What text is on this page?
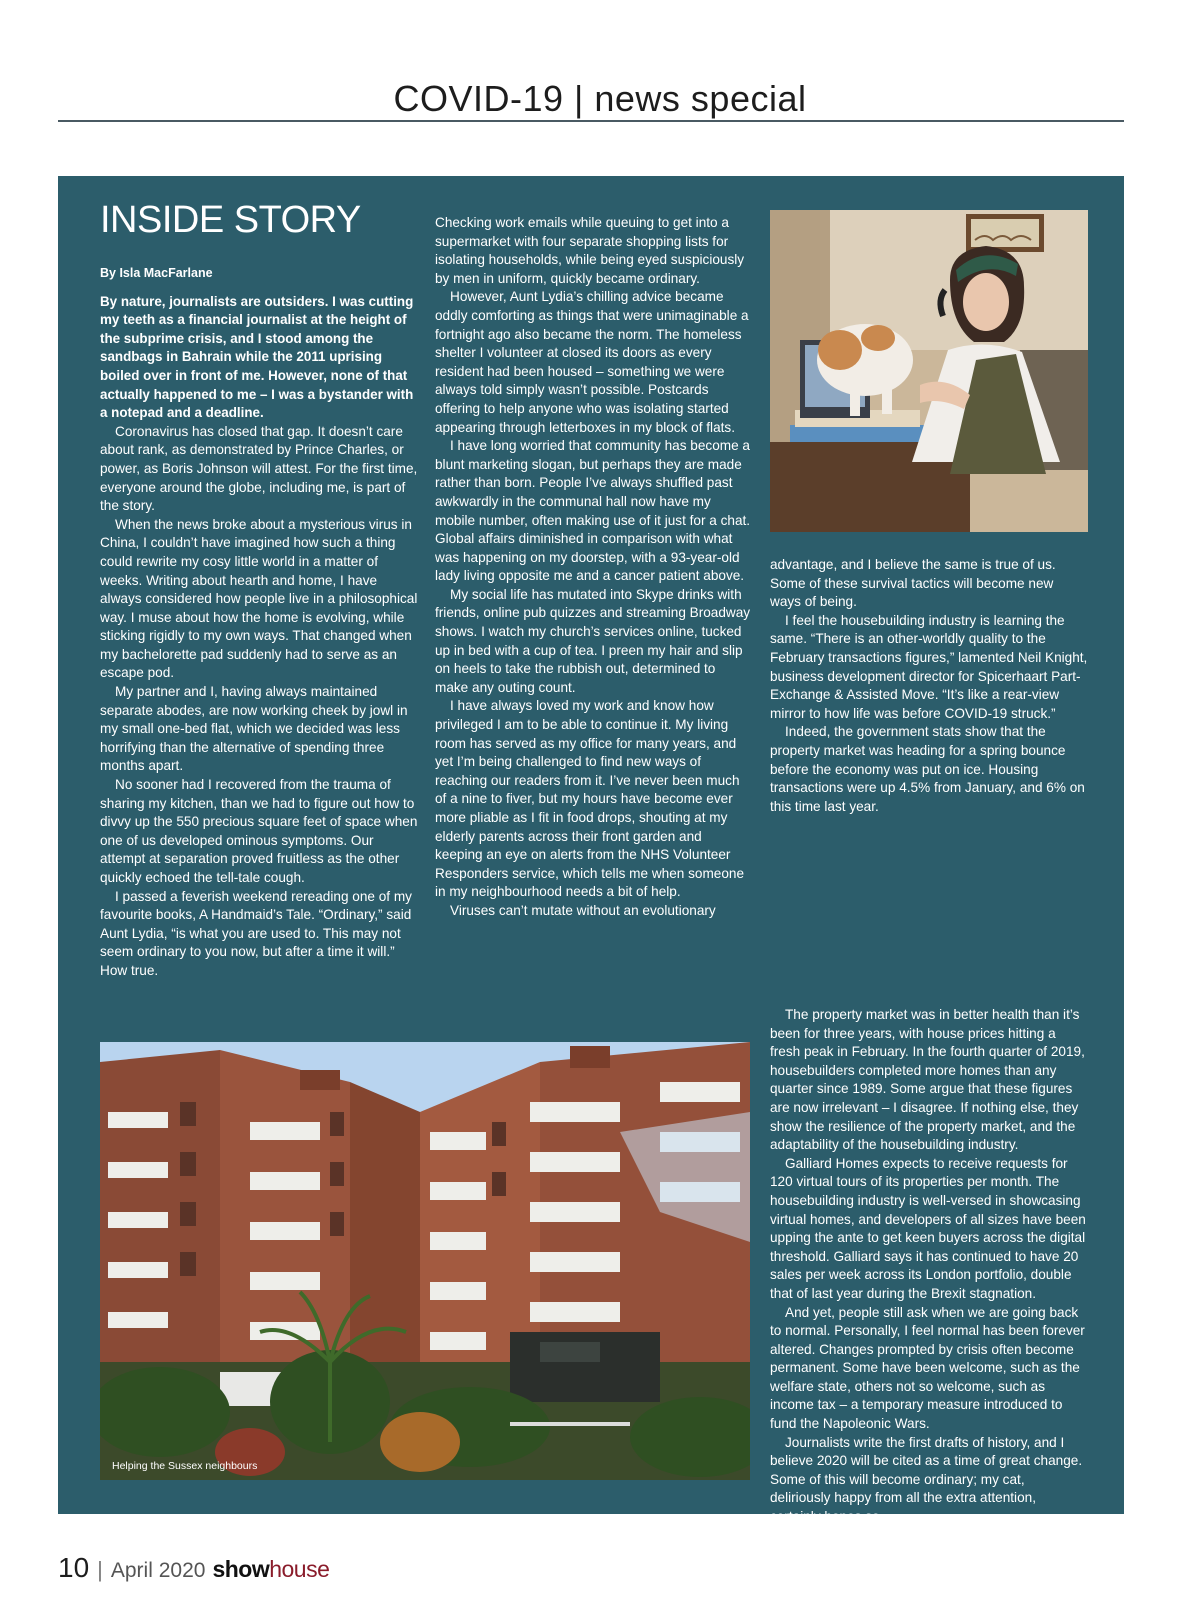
COVID-19 | news special
INSIDE STORY
By Isla MacFarlane

By nature, journalists are outsiders. I was cutting my teeth as a financial journalist at the height of the subprime crisis, and I stood among the sandbags in Bahrain while the 2011 uprising boiled over in front of me. However, none of that actually happened to me – I was a bystander with a notepad and a deadline.

Coronavirus has closed that gap. It doesn’t care about rank, as demonstrated by Prince Charles, or power, as Boris Johnson will attest. For the first time, everyone around the globe, including me, is part of the story.

When the news broke about a mysterious virus in China, I couldn’t have imagined how such a thing could rewrite my cosy little world in a matter of weeks. Writing about hearth and home, I have always considered how people live in a philosophical way. I muse about how the home is evolving, while sticking rigidly to my own ways. That changed when my bachelorette pad suddenly had to serve as an escape pod.

My partner and I, having always maintained separate abodes, are now working cheek by jowl in my small one-bed flat, which we decided was less horrifying than the alternative of spending three months apart.

No sooner had I recovered from the trauma of sharing my kitchen, than we had to figure out how to divvy up the 550 precious square feet of space when one of us developed ominous symptoms. Our attempt at separation proved fruitless as the other quickly echoed the tell-tale cough.

I passed a feverish weekend rereading one of my favourite books, A Handmaid’s Tale. “Ordinary,” said Aunt Lydia, “is what you are used to. This may not seem ordinary to you now, but after a time it will.” How true.

Checking work emails while queuing to get into a supermarket with four separate shopping lists for isolating households, while being eyed suspiciously by men in uniform, quickly became ordinary.

However, Aunt Lydia’s chilling advice became oddly comforting as things that were unimaginable a fortnight ago also became the norm. The homeless shelter I volunteer at closed its doors as every resident had been housed – something we were always told simply wasn’t possible. Postcards offering to help anyone who was isolating started appearing through letterboxes in my block of flats.

I have long worried that community has become a blunt marketing slogan, but perhaps they are made rather than born. People I’ve always shuffled past awkwardly in the communal hall now have my mobile number, often making use of it just for a chat. Global affairs diminished in comparison with what was happening on my doorstep, with a 93-year-old lady living opposite me and a cancer patient above.

My social life has mutated into Skype drinks with friends, online pub quizzes and streaming Broadway shows. I watch my church’s services online, tucked up in bed with a cup of tea. I preen my hair and slip on heels to take the rubbish out, determined to make any outing count.

I have always loved my work and know how privileged I am to be able to continue it. My living room has served as my office for many years, and yet I’m being challenged to find new ways of reaching our readers from it. I’ve never been much of a nine to fiver, but my hours have become ever more pliable as I fit in food drops, shouting at my elderly parents across their front garden and keeping an eye on alerts from the NHS Volunteer Responders service, which tells me when someone in my neighbourhood needs a bit of help.

Viruses can’t mutate without an evolutionary

advantage, and I believe the same is true of us. Some of these survival tactics will become new ways of being.

I feel the housebuilding industry is learning the same. “There is an other-worldly quality to the February transactions figures,” lamented Neil Knight, business development director for Spicerhaart Part-Exchange & Assisted Move. “It’s like a rear-view mirror to how life was before COVID-19 struck.”

Indeed, the government stats show that the property market was heading for a spring bounce before the economy was put on ice. Housing transactions were up 4.5% from January, and 6% on this time last year.

The property market was in better health than it’s been for three years, with house prices hitting a fresh peak in February. In the fourth quarter of 2019, housebuilders completed more homes than any quarter since 1989. Some argue that these figures are now irrelevant – I disagree. If nothing else, they show the resilience of the property market, and the adaptability of the housebuilding industry.

Galliard Homes expects to receive requests for 120 virtual tours of its properties per month. The housebuilding industry is well-versed in showcasing virtual homes, and developers of all sizes have been upping the ante to get keen buyers across the digital threshold. Galliard says it has continued to have 20 sales per week across its London portfolio, double that of last year during the Brexit stagnation.

And yet, people still ask when we are going back to normal. Personally, I feel normal has been forever altered. Changes prompted by crisis often become permanent. Some have been welcome, such as the welfare state, others not so welcome, such as income tax – a temporary measure introduced to fund the Napoleonic Wars.

Journalists write the first drafts of history, and I believe 2020 will be cited as a time of great change. Some of this will become ordinary; my cat, deliriously happy from all the extra attention, certainly hopes so.

Isla MacFarlane is editor of Showhouse.co.uk

Helping the Sussex neighbours
10 | April 2020 show house
